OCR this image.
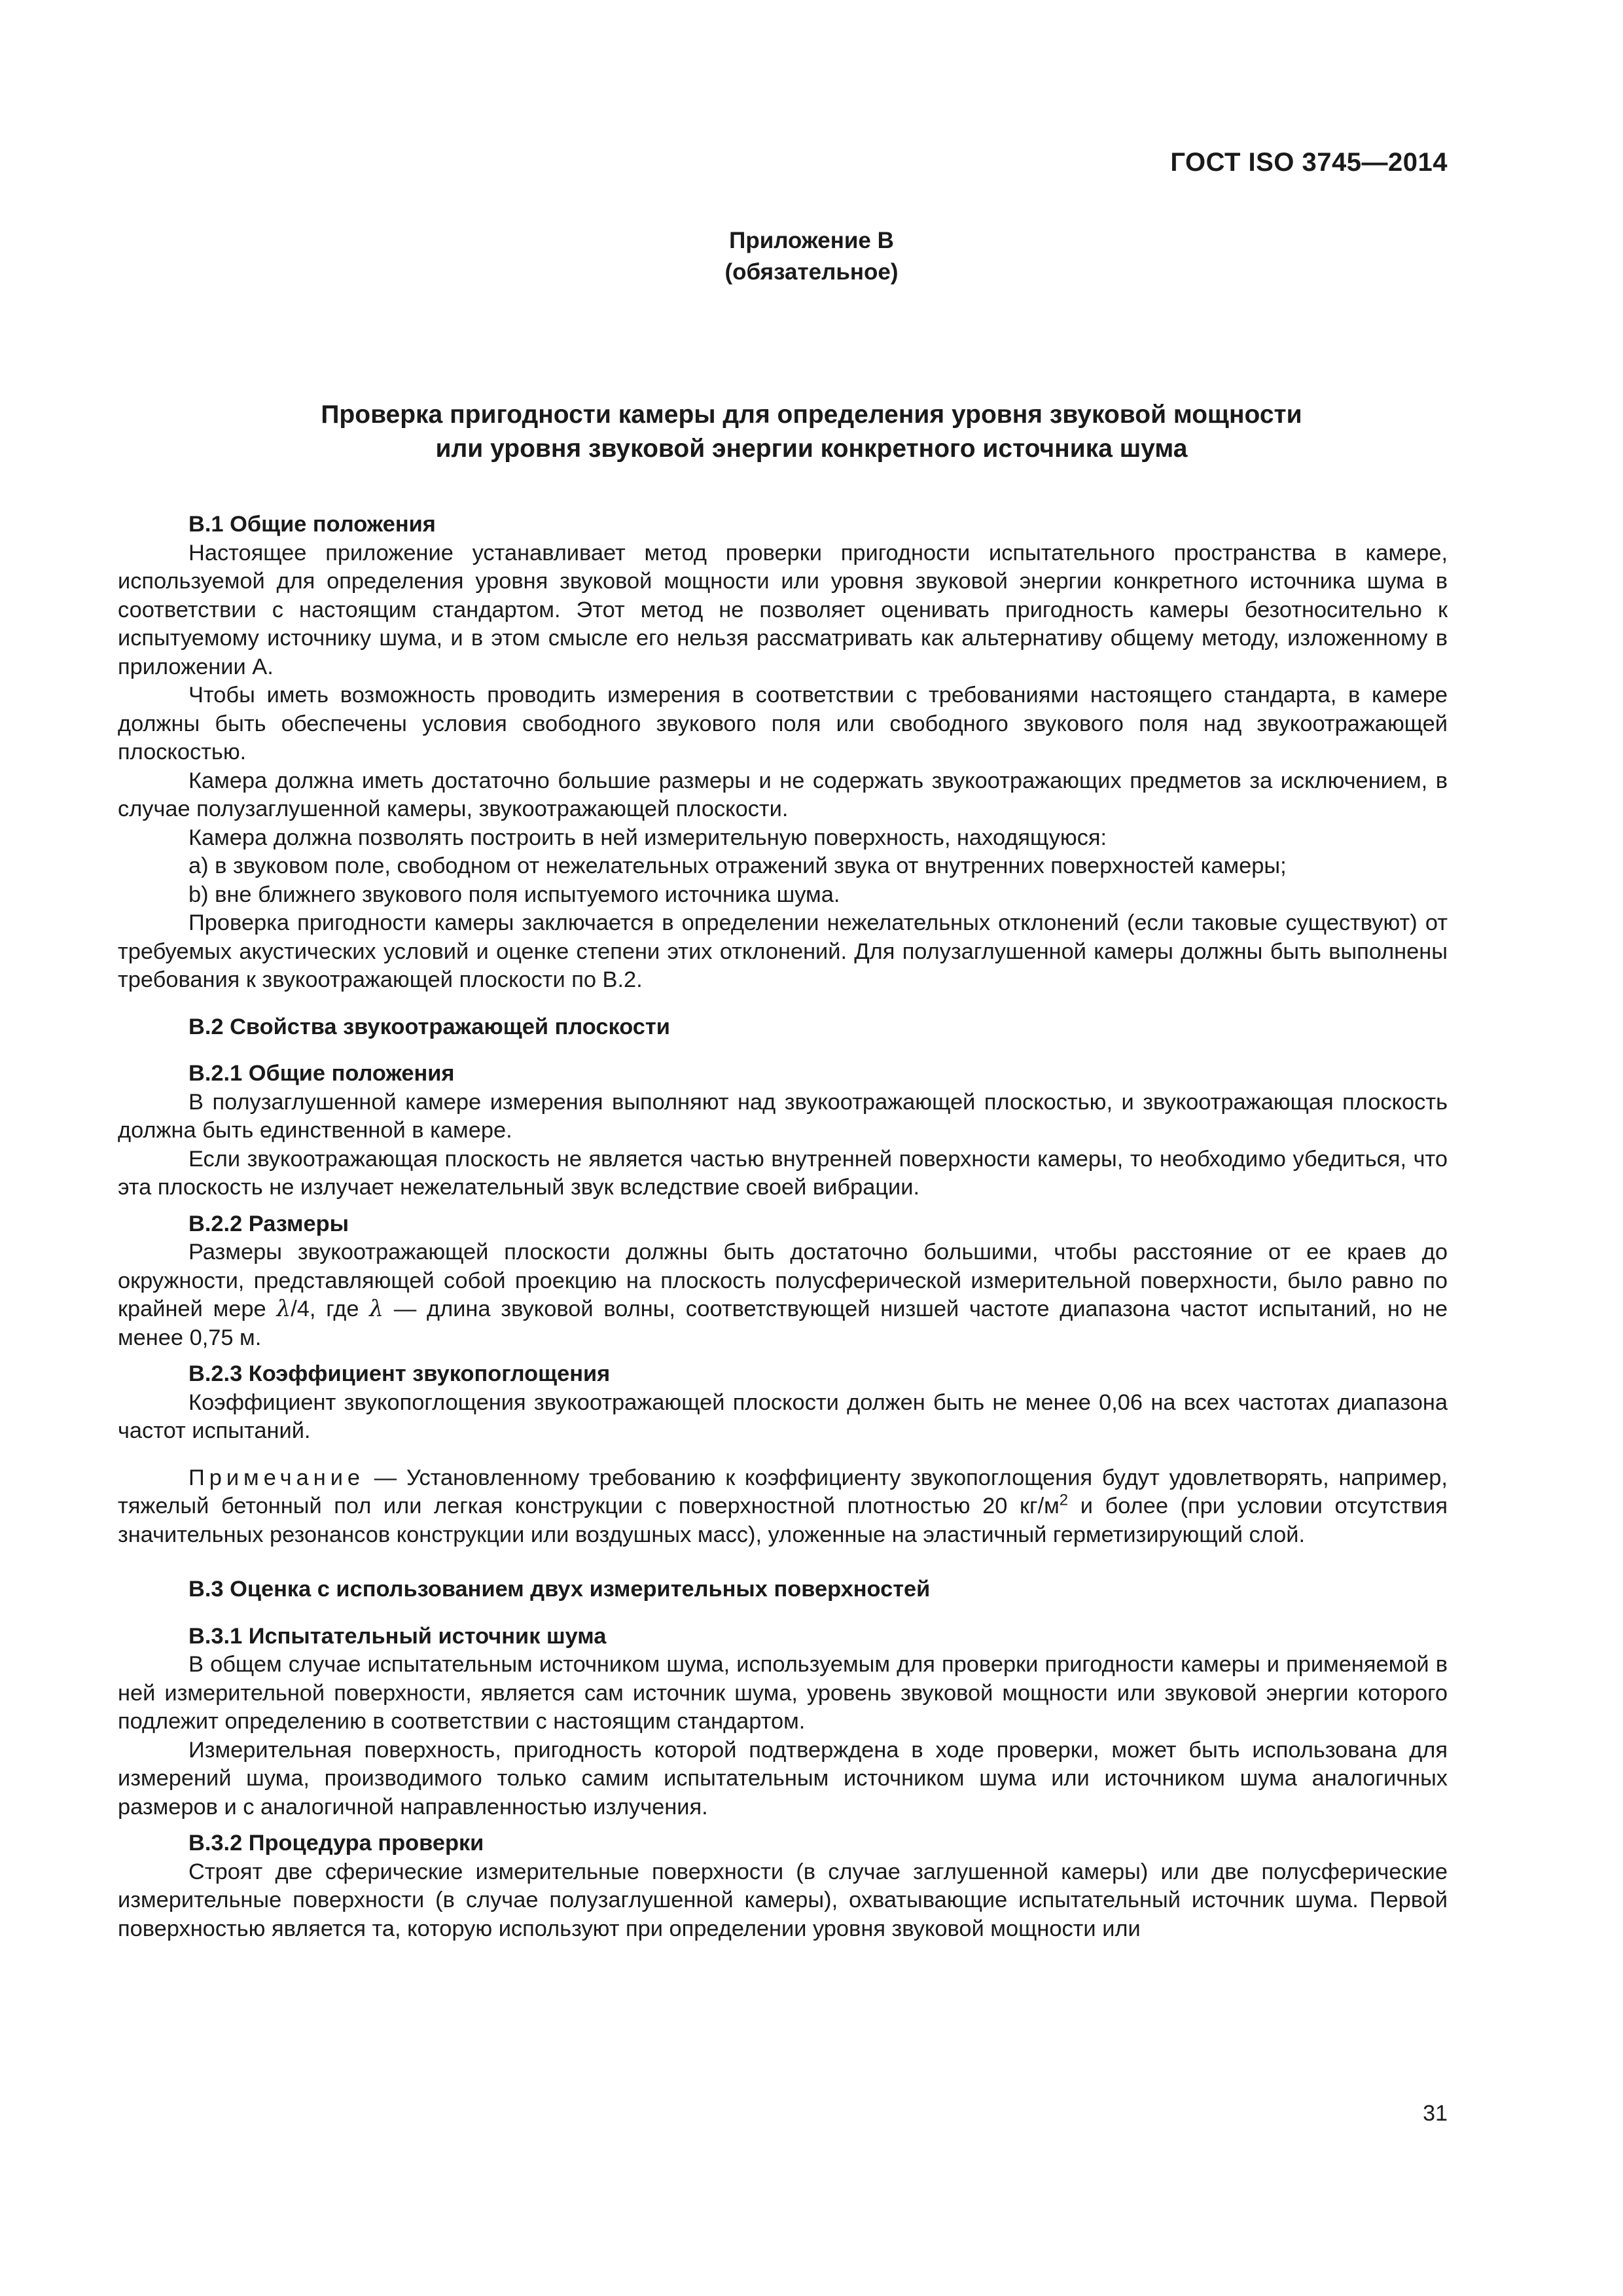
ГОСТ ISO 3745—2014
Приложение В
(обязательное)
Проверка пригодности камеры для определения уровня звуковой мощности
или уровня звуковой энергии конкретного источника шума
В.1 Общие положения

Настоящее приложение устанавливает метод проверки пригодности испытательного пространства в камере, используемой для определения уровня звуковой мощности или уровня звуковой энергии конкретного источника шума в соответствии с настоящим стандартом. Этот метод не позволяет оценивать пригодность камеры безотносительно к испытуемому источнику шума, и в этом смысле его нельзя рассматривать как альтернативу общему методу, изложенному в приложении А.

Чтобы иметь возможность проводить измерения в соответствии с требованиями настоящего стандарта, в камере должны быть обеспечены условия свободного звукового поля или свободного звукового поля над звукоотражающей плоскостью.

Камера должна иметь достаточно большие размеры и не содержать звукоотражающих предметов за исключением, в случае полузаглушенной камеры, звукоотражающей плоскости.

Камера должна позволять построить в ней измерительную поверхность, находящуюся:

a) в звуковом поле, свободном от нежелательных отражений звука от внутренних поверхностей камеры;

b) вне ближнего звукового поля испытуемого источника шума.

Проверка пригодности камеры заключается в определении нежелательных отклонений (если таковые существуют) от требуемых акустических условий и оценке степени этих отклонений. Для полузаглушенной камеры должны быть выполнены требования к звукоотражающей плоскости по В.2.

В.2 Свойства звукоотражающей плоскости
В.2.1 Общие положения

В полузаглушенной камере измерения выполняют над звукоотражающей плоскостью, и звукоотражающая плоскость должна быть единственной в камере.

Если звукоотражающая плоскость не является частью внутренней поверхности камеры, то необходимо убедиться, что эта плоскость не излучает нежелательный звук вследствие своей вибрации.

В.2.2 Размеры

Размеры звукоотражающей плоскости должны быть достаточно большими, чтобы расстояние от ее краев до окружности, представляющей собой проекцию на плоскость полусферической измерительной поверхности, было равно по крайней мере λ/4, где λ — длина звуковой волны, соответствующей низшей частоте диапазона частот испытаний, но не менее 0,75 м.

В.2.3 Коэффициент звукопоглощения

Коэффициент звукопоглощения звукоотражающей плоскости должен быть не менее 0,06 на всех частотах диапазона частот испытаний.

Примечание — Установленному требованию к коэффициенту звукопоглощения будут удовлетворять, например, тяжелый бетонный пол или легкая конструкции с поверхностной плотностью 20 $кг/м^2$ и более (при условии отсутствия значительных резонансов конструкции или воздушных масс), уложенные на эластичный герметизирующий слой.

В.3 Оценка с использованием двух измерительных поверхностей
В.3.1 Испытательный источник шума

В общем случае испытательным источником шума, используемым для проверки пригодности камеры и применяемой в ней измерительной поверхности, является сам источник шума, уровень звуковой мощности или звуковой энергии которого подлежит определению в соответствии с настоящим стандартом.

Измерительная поверхность, пригодность которой подтверждена в ходе проверки, может быть использована для измерений шума, производимого только самим испытательным источником шума или источником шума аналогичных размеров и с аналогичной направленностью излучения.

В.3.2 Процедура проверки

Строят две сферические измерительные поверхности (в случае заглушенной камеры) или две полусферические измерительные поверхности (в случае полузаглушенной камеры), охватывающие испытательный источник шума. Первой поверхностью является та, которую используют при определении уровня звуковой мощности или

31
